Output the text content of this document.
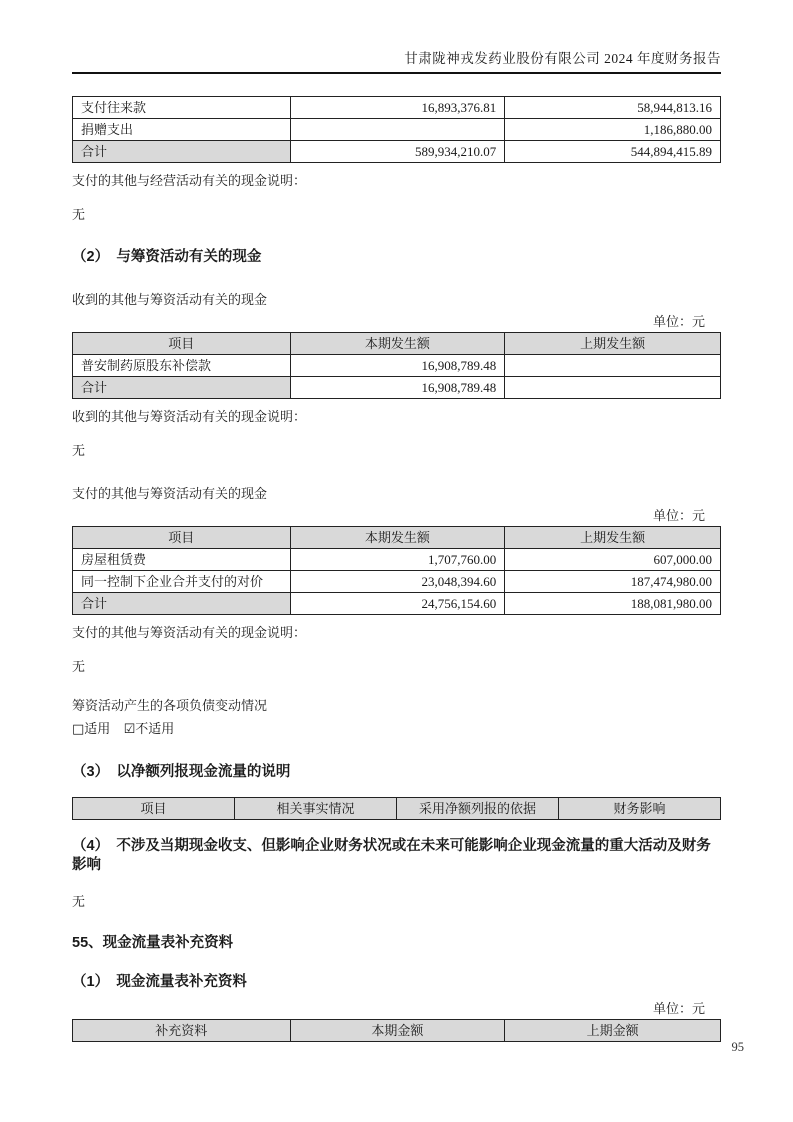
甘肃陇神戎发药业股份有限公司 2024 年度财务报告
支付往来款	16,893,376.81	58,944,813.16
捐赠支出		1,186,880.00
合计	589,934,210.07	544,894,415.89

支付的其他与经营活动有关的现金说明：

无

（2）　与筹资活动有关的现金

收到的其他与筹资活动有关的现金

单位：元
项目	本期发生额	上期发生额
普安制药原股东补偿款	16,908,789.48	
合计	16,908,789.48	

收到的其他与筹资活动有关的现金说明：

无

支付的其他与筹资活动有关的现金

单位：元
项目	本期发生额	上期发生额
房屋租赁费	1,707,760.00	607,000.00
同一控制下企业合并支付的对价	23,048,394.60	187,474,980.00
合计	24,756,154.60	188,081,980.00

支付的其他与筹资活动有关的现金说明：

无

筹资活动产生的各项负债变动情况

□适用 ☑不适用

（3）　以净额列报现金流量的说明
项目	相关事实情况	采用净额列报的依据	财务影响
（4）　不涉及当期现金收支、但影响企业财务状况或在未来可能影响企业现金流量的重大活动及财务影响

无

55、现金流量表补充资料
（1）　现金流量表补充资料
单位：元
补充资料	本期金额	上期金额
95
